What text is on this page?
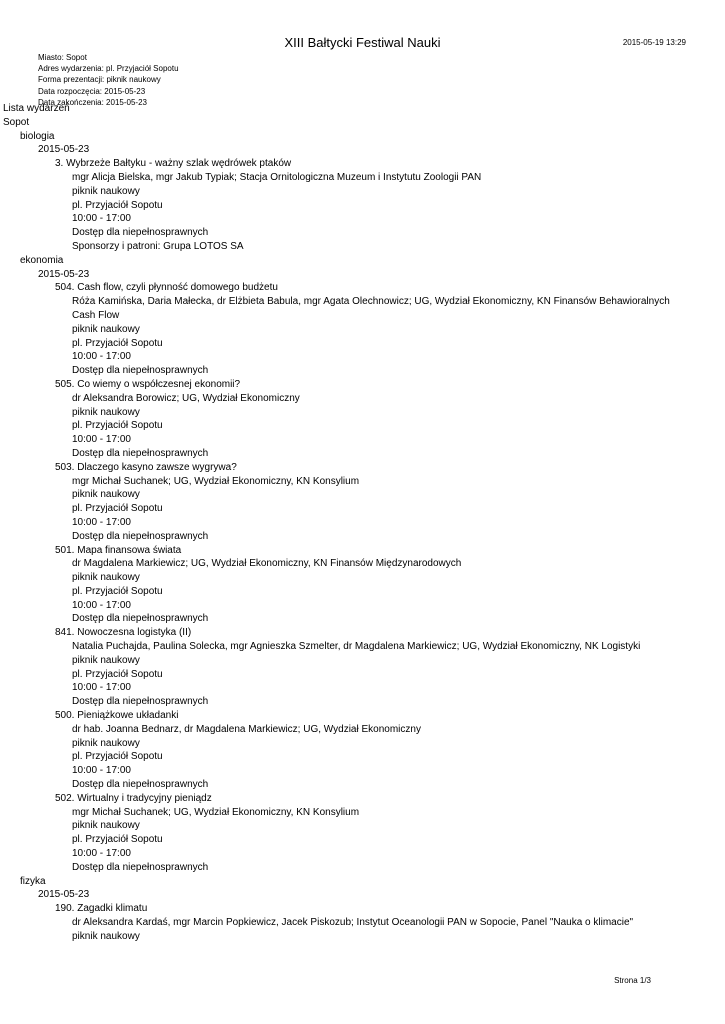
XIII Bałtycki Festiwal Nauki	2015-05-19 13:29
Miasto: Sopot
Adres wydarzenia: pl. Przyjaciół Sopotu
Forma prezentacji: piknik naukowy
Data rozpoczęcia: 2015-05-23
Data zakończenia: 2015-05-23
Lista wydarzeń
Sopot
biologia
2015-05-23
3. Wybrzeże Bałtyku - ważny szlak wędrówek ptaków
mgr Alicja Bielska, mgr Jakub Typiak; Stacja Ornitologiczna Muzeum i Instytutu Zoologii PAN
piknik naukowy
pl. Przyjaciół Sopotu
10:00 - 17:00
Dostęp dla niepełnosprawnych
Sponsorzy i patroni: Grupa LOTOS SA
ekonomia
2015-05-23
504. Cash flow, czyli płynność domowego budżetu
Róża Kamińska, Daria Małecka, dr Elżbieta Babula, mgr Agata Olechnowicz; UG, Wydział Ekonomiczny, KN Finansów Behawioralnych Cash Flow
piknik naukowy
pl. Przyjaciół Sopotu
10:00 - 17:00
Dostęp dla niepełnosprawnych
505. Co wiemy o współczesnej ekonomii?
dr Aleksandra Borowicz; UG, Wydział Ekonomiczny
piknik naukowy
pl. Przyjaciół Sopotu
10:00 - 17:00
Dostęp dla niepełnosprawnych
503. Dlaczego kasyno zawsze wygrywa?
mgr Michał Suchanek; UG, Wydział Ekonomiczny, KN Konsylium
piknik naukowy
pl. Przyjaciół Sopotu
10:00 - 17:00
Dostęp dla niepełnosprawnych
501. Mapa finansowa świata
dr Magdalena Markiewicz; UG, Wydział Ekonomiczny, KN Finansów Międzynarodowych
piknik naukowy
pl. Przyjaciół Sopotu
10:00 - 17:00
Dostęp dla niepełnosprawnych
841. Nowoczesna logistyka (II)
Natalia Puchajda, Paulina Solecka, mgr Agnieszka Szmelter, dr Magdalena Markiewicz; UG, Wydział Ekonomiczny, NK Logistyki
piknik naukowy
pl. Przyjaciół Sopotu
10:00 - 17:00
Dostęp dla niepełnosprawnych
500. Pieniążkowe układanki
dr hab. Joanna Bednarz, dr Magdalena Markiewicz; UG, Wydział Ekonomiczny
piknik naukowy
pl. Przyjaciół Sopotu
10:00 - 17:00
Dostęp dla niepełnosprawnych
502. Wirtualny i tradycyjny pieniądz
mgr Michał Suchanek; UG, Wydział Ekonomiczny, KN Konsylium
piknik naukowy
pl. Przyjaciół Sopotu
10:00 - 17:00
Dostęp dla niepełnosprawnych
fizyka
2015-05-23
190. Zagadki klimatu
dr Aleksandra Kardaś, mgr Marcin Popkiewicz, Jacek Piskozub; Instytut Oceanologii PAN w Sopocie, Panel "Nauka o klimacie"
piknik naukowy
Strona 1/3
